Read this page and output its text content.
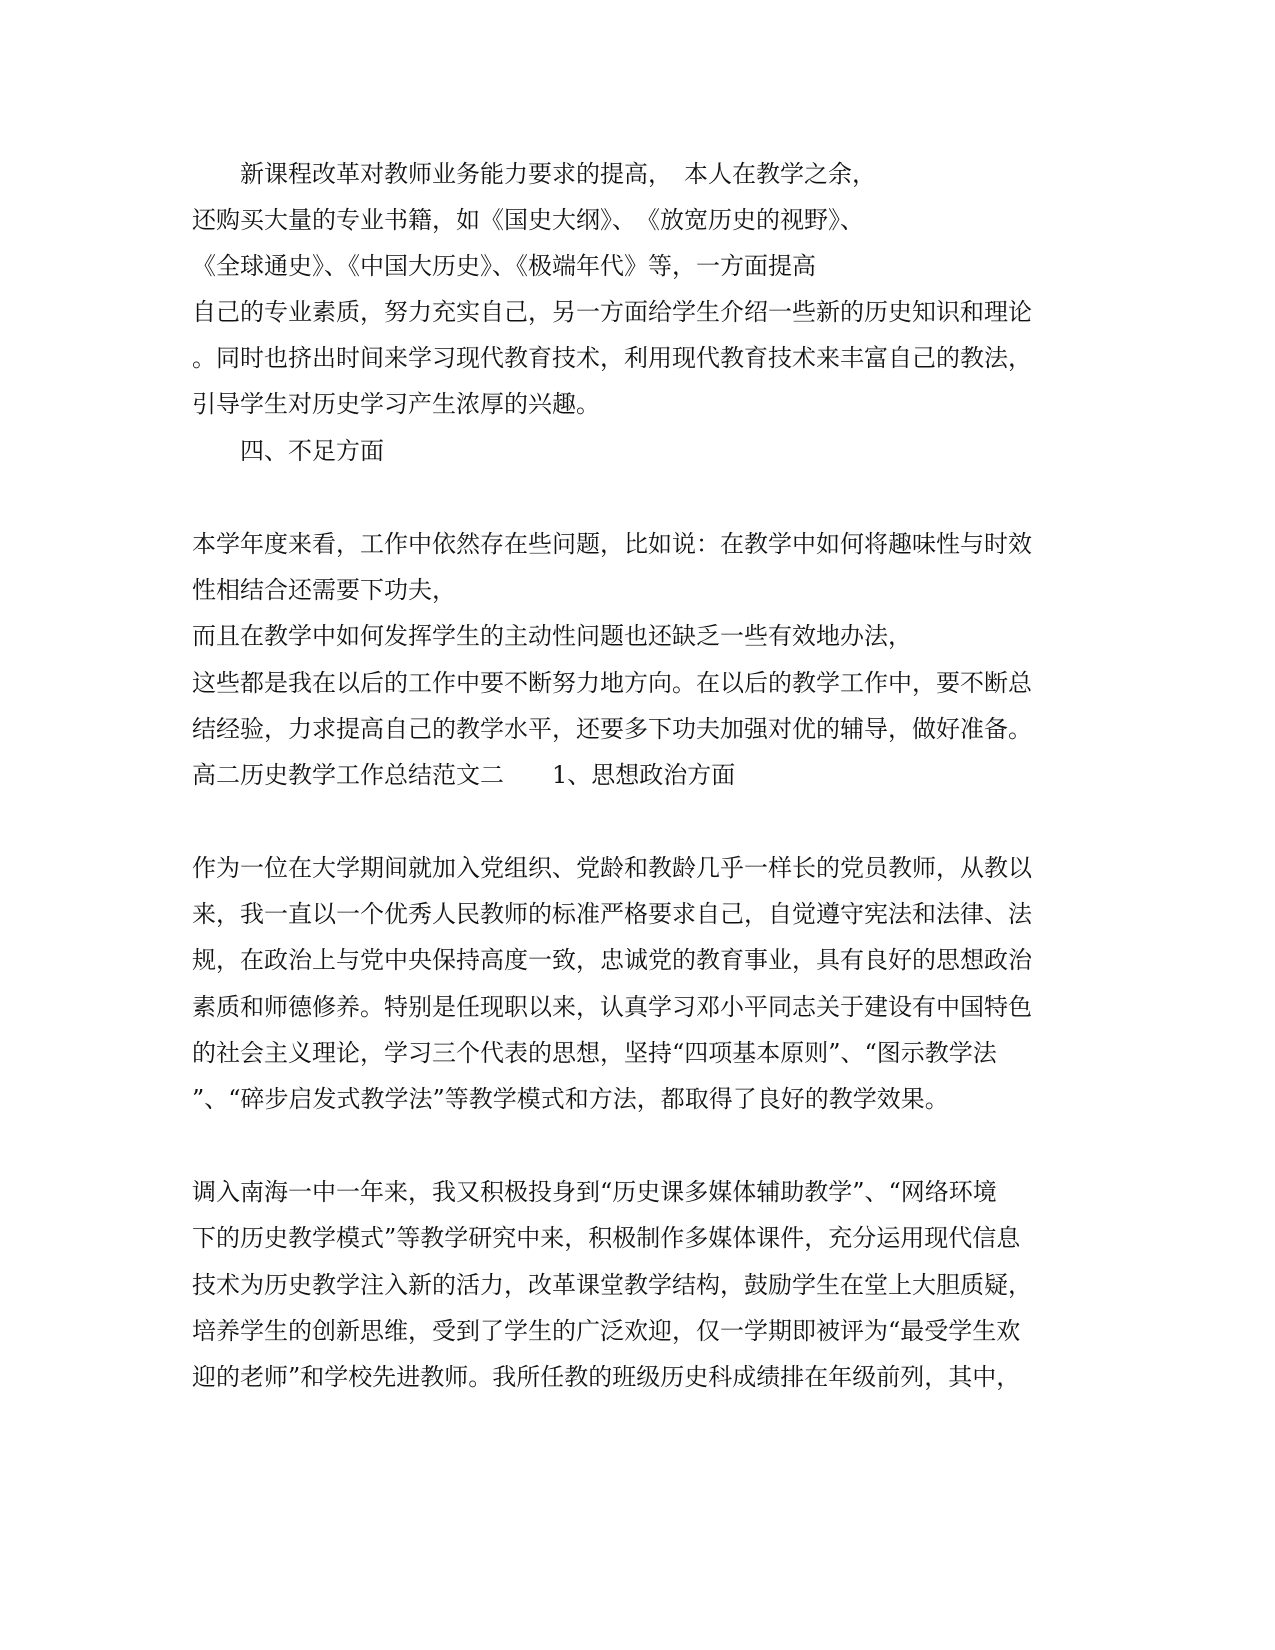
新课程改革对教师业务能力要求的提高，　本人在教学之余，
还购买大量的专业书籍，如《国史大纲》、　《放宽历史的视野》、
《全球通史》、《中国大历史》、《极端年代》等，一方面提高
自己的专业素质，努力充实自己，另一方面给学生介绍一些新的历史知识和理论
。同时也挤出时间来学习现代教育技术，利用现代教育技术来丰富自己的教法，
引导学生对历史学习产生浓厚的兴趣。
四、不足方面
本学年度来看，工作中依然存在些问题，比如说：在教学中如何将趣味性与时效
性相结合还需要下功夫，
而且在教学中如何发挥学生的主动性问题也还缺乏一些有效地办法，
这些都是我在以后的工作中要不断努力地方向。在以后的教学工作中，要不断总
结经验，力求提高自己的教学水平，还要多下功夫加强对优的辅导，做好准备。
高二历史教学工作总结范文二　　1、思想政治方面
作为一位在大学期间就加入党组织、党龄和教龄几乎一样长的党员教师，从教以
来，我一直以一个优秀人民教师的标准严格要求自己，自觉遵守宪法和法律、法
规，在政治上与党中央保持高度一致，忠诚党的教育事业，具有良好的思想政治
素质和师德修养。特别是任现职以来，认真学习邓小平同志关于建设有中国特色
的社会主义理论，学习三个代表的思想，坚持“四项基本原则”、“图示教学法
”、“碎步启发式教学法”等教学模式和方法，都取得了良好的教学效果。
调入南海一中一年来，我又积极投身到“历史课多媒体辅助教学”、“网络环境
下的历史教学模式”等教学研究中来，积极制作多媒体课件，充分运用现代信息
技术为历史教学注入新的活力，改革课堂教学结构，鼓励学生在堂上大胆质疑，
培养学生的创新思维，受到了学生的广泛欢迎，仅一学期即被评为“最受学生欢
迎的老师”和学校先进教师。我所任教的班级历史科成绩排在年级前列，其中，
